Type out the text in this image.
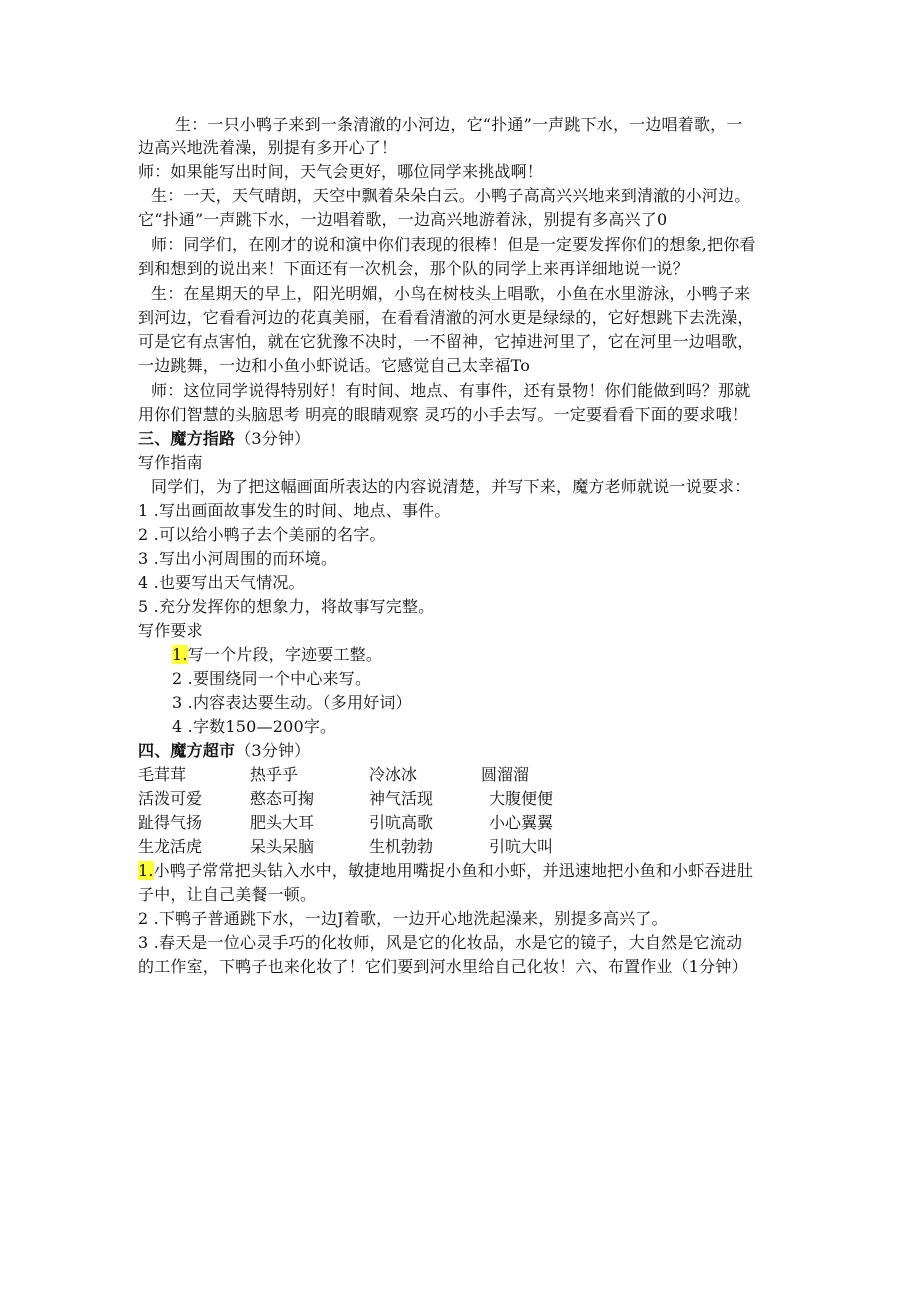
生：一只小鸭子来到一条清澈的小河边，它“扑通”一声跳下水，一边唱着歌，一
边高兴地洗着澡，别提有多开心了！
师：如果能写出时间，天气会更好，哪位同学来挑战啊！
生：一天，天气晴朗，天空中飘着朵朵白云。小鸭子高高兴兴地来到清澈的小河边。
它“扑通”一声跳下水，一边唱着歌，一边高兴地游着泳，别提有多高兴了0
师：同学们，在刚才的说和演中你们表现的很棒！但是一定要发挥你们的想象,把你看
到和想到的说出来！下面还有一次机会，那个队的同学上来再详细地说一说？
生：在星期天的早上，阳光明媚，小鸟在树枝头上唱歌，小鱼在水里游泳，小鸭子来
到河边，它看看河边的花真美丽，在看看清澈的河水更是绿绿的，它好想跳下去洗澡，
可是它有点害怕，就在它犹豫不决时，一不留神，它掉进河里了，它在河里一边唱歌，
一边跳舞，一边和小鱼小虾说话。它感觉自己太幸福To
师：这位同学说得特别好！有时间、地点、有事件，还有景物！你们能做到吗？那就
用你们智慧的头脑思考 明亮的眼睛观察 灵巧的小手去写。一定要看看下面的要求哦！
三、魔方指路（3分钟）
写作指南
同学们，为了把这幅画面所表达的内容说清楚，并写下来，魔方老师就说一说要求：
1 .写出画面故事发生的时间、地点、事件。
2 .可以给小鸭子去个美丽的名字。
3 .写出小河周围的而环境。
4 .也要写出天气情况。
5 .充分发挥你的想象力，将故事写完整。
写作要求
1.写一个片段，字迹要工整。
2 .要围绕同一个中心来写。
3 .内容表达要生动。（多用好词）
4 .字数150—200字。
四、魔方超市（3分钟）
毛茸茸	热乎乎	冷冰冰	圆溜溜
活泼可爱	憨态可掬	神气活现	大腹便便
趾得气扬	肥头大耳	引吭高歌	小心翼翼
生龙活虎	呆头呆脑	生机勃勃	引吭大叫
1.小鸭子常常把头钻入水中，敏捷地用嘴捉小鱼和小虾，并迅速地把小鱼和小虾吞进肚
子中，让自己美餐一顿。
2 .下鸭子普通跳下水，一边J着歌，一边开心地洗起澡来，别提多高兴了。
3 .春天是一位心灵手巧的化妆师，风是它的化妆品，水是它的镜子，大自然是它流动
的工作室，下鸭子也来化妆了！它们要到河水里给自己化妆！六、布置作业（1分钟）
